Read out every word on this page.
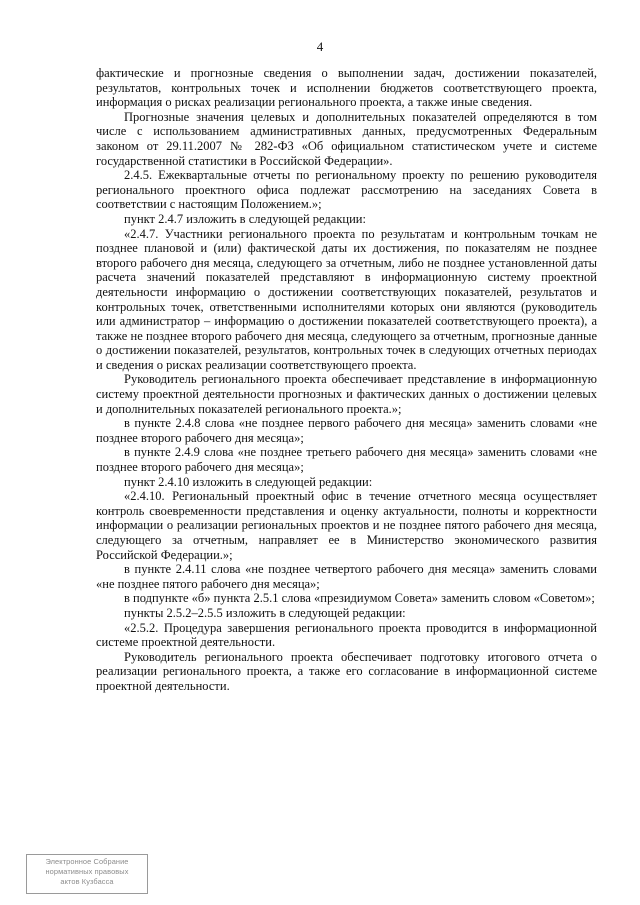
4

фактические и прогнозные сведения о выполнении задач, достижении показателей, результатов, контрольных точек и исполнении бюджетов соответствующего проекта, информация о рисках реализации регионального проекта, а также иные сведения.

Прогнозные значения целевых и дополнительных показателей определяются в том числе с использованием административных данных, предусмотренных Федеральным законом от 29.11.2007 № 282-ФЗ «Об официальном статистическом учете и системе государственной статистики в Российской Федерации».

2.4.5. Ежеквартальные отчеты по региональному проекту по решению руководителя регионального проектного офиса подлежат рассмотрению на заседаниях Совета в соответствии с настоящим Положением.»;

пункт 2.4.7 изложить в следующей редакции:

«2.4.7. Участники регионального проекта по результатам и контрольным точкам не позднее плановой и (или) фактической даты их достижения, по показателям не позднее второго рабочего дня месяца, следующего за отчетным, либо не позднее установленной даты расчета значений показателей представляют в информационную систему проектной деятельности информацию о достижении соответствующих показателей, результатов и контрольных точек, ответственными исполнителями которых они являются (руководитель или администратор – информацию о достижении показателей соответствующего проекта), а также не позднее второго рабочего дня месяца, следующего за отчетным, прогнозные данные о достижении показателей, результатов, контрольных точек в следующих отчетных периодах и сведения о рисках реализации соответствующего проекта.

Руководитель регионального проекта обеспечивает представление в информационную систему проектной деятельности прогнозных и фактических данных о достижении целевых и дополнительных показателей регионального проекта.»;

в пункте 2.4.8 слова «не позднее первого рабочего дня месяца» заменить словами «не позднее второго рабочего дня месяца»;

в пункте 2.4.9 слова «не позднее третьего рабочего дня месяца» заменить словами «не позднее второго рабочего дня месяца»;

пункт 2.4.10 изложить в следующей редакции:

«2.4.10. Региональный проектный офис в течение отчетного месяца осуществляет контроль своевременности представления и оценку актуальности, полноты и корректности информации о реализации региональных проектов и не позднее пятого рабочего дня месяца, следующего за отчетным, направляет ее в Министерство экономического развития Российской Федерации.»;

в пункте 2.4.11 слова «не позднее четвертого рабочего дня месяца» заменить словами «не позднее пятого рабочего дня месяца»;

в подпункте «б» пункта 2.5.1 слова «президиумом Совета» заменить словом «Советом»;

пункты 2.5.2–2.5.5 изложить в следующей редакции:

«2.5.2. Процедура завершения регионального проекта проводится в информационной системе проектной деятельности.

Руководитель регионального проекта обеспечивает подготовку итогового отчета о реализации регионального проекта, а также его согласование в информационной системе проектной деятельности.

Электронное Собрание
нормативных правовых
актов Кузбасса
